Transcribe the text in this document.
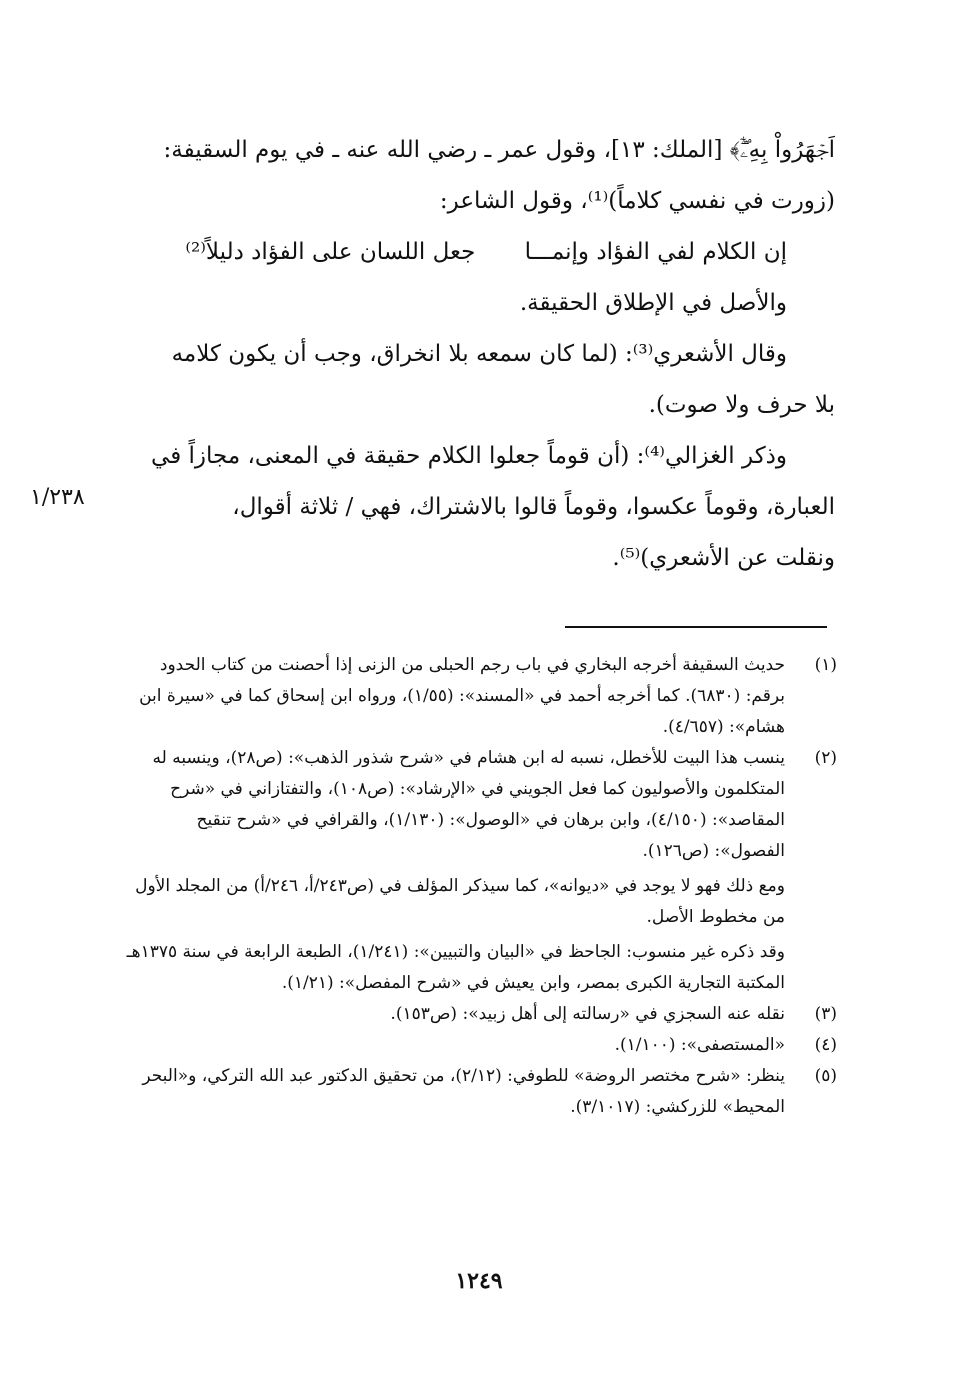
اَجۡهَرُواْ بِهِۦٓۖ﴾ [الملك: ١٣]، وقول عمر ـ رضي الله عنه ـ في يوم السقيفة:
(زورت في نفسي كلاماً)⁽¹⁾، وقول الشاعر:
إن الكلام لفي الفؤاد وإنمـــا جعل اللسان على الفؤاد دليلاً⁽²⁾
والأصل في الإطلاق الحقيقة.
وقال الأشعري⁽³⁾: (لما كان سمعه بلا انخراق، وجب أن يكون كلامه
بلا حرف ولا صوت).
وذكر الغزالي⁽⁴⁾: (أن قوماً جعلوا الكلام حقيقة في المعنى، مجازاً في
العبارة، وقوماً عكسوا، وقوماً قالوا بالاشتراك، فهي / ثلاثة أقوال،
ونقلت عن الأشعري)⁽⁵⁾.
١/٢٣٨
(١)
حديث السقيفة أخرجه البخاري في باب رجم الحبلى من الزنى إذا أحصنت من كتاب الحدود برقم: (٦٨٣٠). كما أخرجه أحمد في «المسند»: (١/٥٥)، ورواه ابن إسحاق كما في «سيرة ابن هشام»: (٤/٦٥٧).
(٢)
ينسب هذا البيت للأخطل، نسبه له ابن هشام في «شرح شذور الذهب»: (ص٢٨)، وينسبه له المتكلمون والأصوليون كما فعل الجويني في «الإرشاد»: (ص١٠٨)، والتفتازاني في «شرح المقاصد»: (٤/١٥٠)، وابن برهان في «الوصول»: (١/١٣٠)، والقرافي في «شرح تنقيح الفصول»: (ص١٢٦).
ومع ذلك فهو لا يوجد في «ديوانه»، كما سيذكر المؤلف في (ص٢٤٣/أ، ٢٤٦/أ) من المجلد الأول من مخطوط الأصل.
وقد ذكره غير منسوب: الجاحظ في «البيان والتبيين»: (١/٢٤١)، الطبعة الرابعة في سنة ١٣٧٥هـ المكتبة التجارية الكبرى بمصر، وابن يعيش في «شرح المفصل»: (١/٢١).
(٣)
نقله عنه السجزي في «رسالته إلى أهل زبيد»: (ص١٥٣).
(٤)
«المستصفى»: (١/١٠٠).
(٥)
ينظر: «شرح مختصر الروضة» للطوفي: (٢/١٢)، من تحقيق الدكتور عبد الله التركي، و«البحر المحيط» للزركشي: (٣/١٠١٧).
١٢٤٩
